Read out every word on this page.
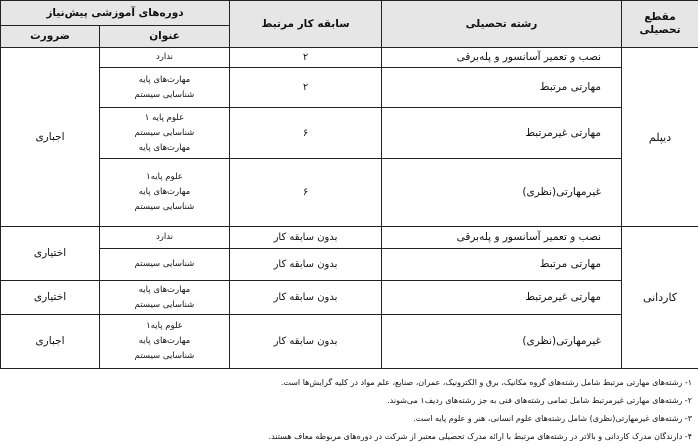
مقطع تحصیلی	رشته تحصیلی	سابقه کار مرتبط	دوره‌های آموزشی پیش‌نیاز	
			عنوان	ضرورت
دیپلم	نصب و تعمیر آسانسور و پله‌برقی	۲	ندارد	اجباری
	مهارتی مرتبط	۲	مهارت‌های پایه
شناسایی سیستم	

	مهارتی غیرمرتبط	۶	علوم پایه ۱
شناسایی سیستم
مهارت‌های پایه	

	غیرمهارتی(نظری)	۶	علوم پایه۱
مهارت‌های پایه
شناسایی سیستم	

کاردانی	نصب و تعمیر آسانسور و پله‌برقی	بدون سابقه کار	ندارد	اختیاری
	مهارتی مرتبط	بدون سابقه کار	شناسایی سیستم	

	مهارتی غیرمرتبط	بدون سابقه کار	مهارت‌های پایه
شناسایی سیستم	اختیاری
	غیرمهارتی(نظری)	بدون سابقه کار	علوم پایه۱
مهارت‌های پایه
شناسایی سیستم	اجباری
۱- رشته‌های مهارتی مرتبط شامل رشته‌های گروه مکانیک، برق و الکترونیک، عمران، صنایع، علم مواد در کلیه گرایش‌ها است.
۲- رشته‌های مهارتی غیرمرتبط شامل تمامی رشته‌های فنی به جز رشته‌های ردیف۱ می‌شوند.
۳- رشته‌های غیرمهارتی(نظری) شامل رشته‌های علوم انسانی، هنر و علوم پایه است.
۴- دارندگان مدرک کاردانی و بالاتر در رشته‌های مرتبط با ارائه مدرک تحصیلی معتبر از شرکت در دوره‌های مربوطه معاف هستند.
